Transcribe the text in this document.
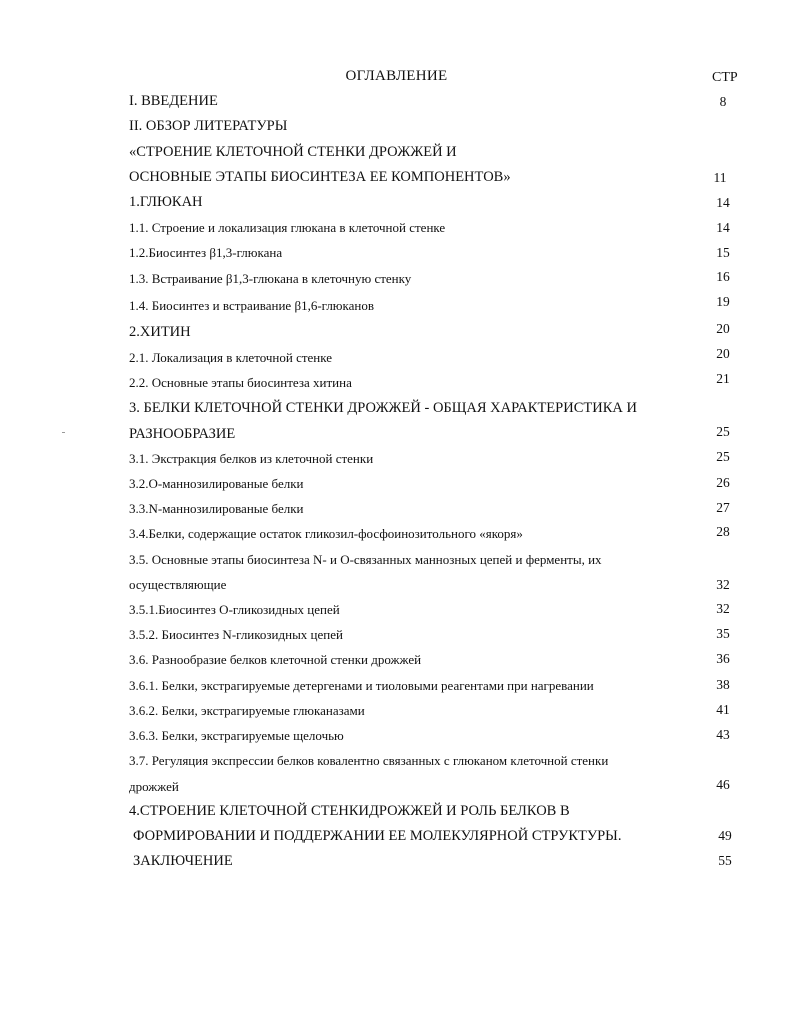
ОГЛАВЛЕНИЕ	СТР
I. ВВЕДЕНИЕ	8
II. ОБЗОР ЛИТЕРАТУРЫ
«СТРОЕНИЕ КЛЕТОЧНОЙ СТЕНКИ ДРОЖЖЕЙ И
ОСНОВНЫЕ ЭТАПЫ БИОСИНТЕЗА ЕЕ КОМПОНЕНТОВ»	11
1.ГЛЮКАН	14
1.1. Строение и локализация глюкана в клеточной стенке	14
1.2.Биосинтез β1,3-глюкана	15
1.3. Встраивание β1,3-глюкана в клеточную стенку	16
1.4. Биосинтез и встраивание β1,6-глюканов	19
2.ХИТИН	20
2.1. Локализация в клеточной стенке	20
2.2. Основные этапы биосинтеза хитина	21
3. БЕЛКИ КЛЕТОЧНОЙ СТЕНКИ ДРОЖЖЕЙ - ОБЩАЯ ХАРАКТЕРИСТИКА И
РАЗНООБРАЗИЕ	25
3.1. Экстракция белков из клеточной стенки	25
3.2.О-маннозилированые белки	26
3.3.N-маннозилированые белки	27
3.4.Белки, содержащие остаток гликозил-фосфоинозитольного «якоря»	28
3.5. Основные этапы биосинтеза N- и О-связанных маннозных цепей и ферменты, их
осуществляющие	32
3.5.1.Биосинтез О-гликозидных цепей	32
3.5.2. Биосинтез N-гликозидных цепей	35
3.6. Разнообразие белков клеточной стенки дрожжей	36
3.6.1. Белки, экстрагируемые детергенами и тиоловыми реагентами при нагревании	38
3.6.2. Белки, экстрагируемые глюканазами	41
3.6.3. Белки, экстрагируемые щелочью	43
3.7. Регуляция экспрессии белков ковалентно связанных с глюканом клеточной стенки
дрожжей	46
4.СТРОЕНИЕ КЛЕТОЧНОЙ СТЕНКИДРОЖЖЕЙ И РОЛЬ БЕЛКОВ В
ФОРМИРОВАНИИ И ПОДДЕРЖАНИИ ЕЕ МОЛЕКУЛЯРНОЙ СТРУКТУРЫ.	49
ЗАКЛЮЧЕНИЕ	55
